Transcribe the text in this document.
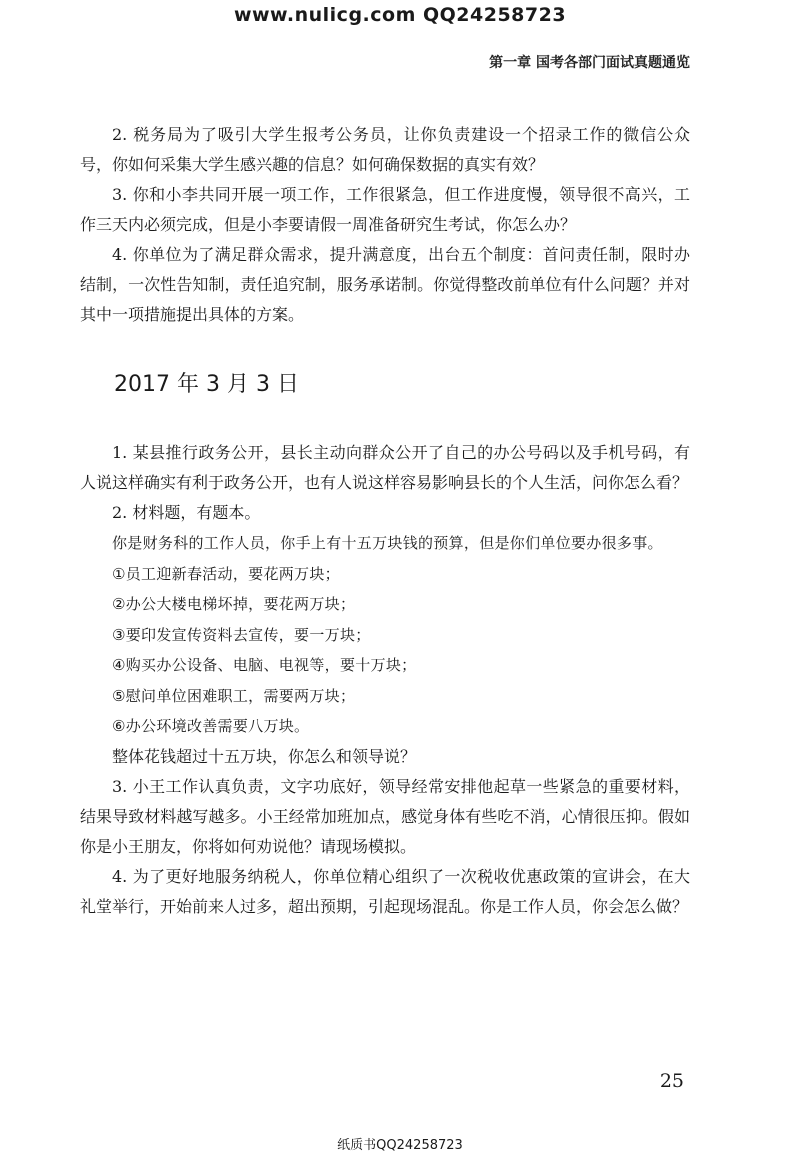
www.nulicg.com QQ24258723
第一章 国考各部门面试真题通览

2. 税务局为了吸引大学生报考公务员，让你负责建设一个招录工作的微信公众号，你如何采集大学生感兴趣的信息？如何确保数据的真实有效？

3. 你和小李共同开展一项工作，工作很紧急，但工作进度慢，领导很不高兴，工作三天内必须完成，但是小李要请假一周准备研究生考试，你怎么办？

4. 你单位为了满足群众需求，提升满意度，出台五个制度：首问责任制，限时办结制，一次性告知制，责任追究制，服务承诺制。你觉得整改前单位有什么问题？并对其中一项措施提出具体的方案。

2017 年 3 月 3 日

1. 某县推行政务公开，县长主动向群众公开了自己的办公号码以及手机号码，有人说这样确实有利于政务公开，也有人说这样容易影响县长的个人生活，问你怎么看？

2. 材料题，有题本。

你是财务科的工作人员，你手上有十五万块钱的预算，但是你们单位要办很多事。

①员工迎新春活动，要花两万块；

②办公大楼电梯坏掉，要花两万块；

③要印发宣传资料去宣传，要一万块；

④购买办公设备、电脑、电视等，要十万块；

⑤慰问单位困难职工，需要两万块；

⑥办公环境改善需要八万块。

整体花钱超过十五万块，你怎么和领导说？

3. 小王工作认真负责，文字功底好，领导经常安排他起草一些紧急的重要材料，结果导致材料越写越多。小王经常加班加点，感觉身体有些吃不消，心情很压抑。假如你是小王朋友，你将如何劝说他？请现场模拟。

4. 为了更好地服务纳税人，你单位精心组织了一次税收优惠政策的宣讲会，在大礼堂举行，开始前来人过多，超出预期，引起现场混乱。你是工作人员，你会怎么做？

25
纸质书QQ24258723
